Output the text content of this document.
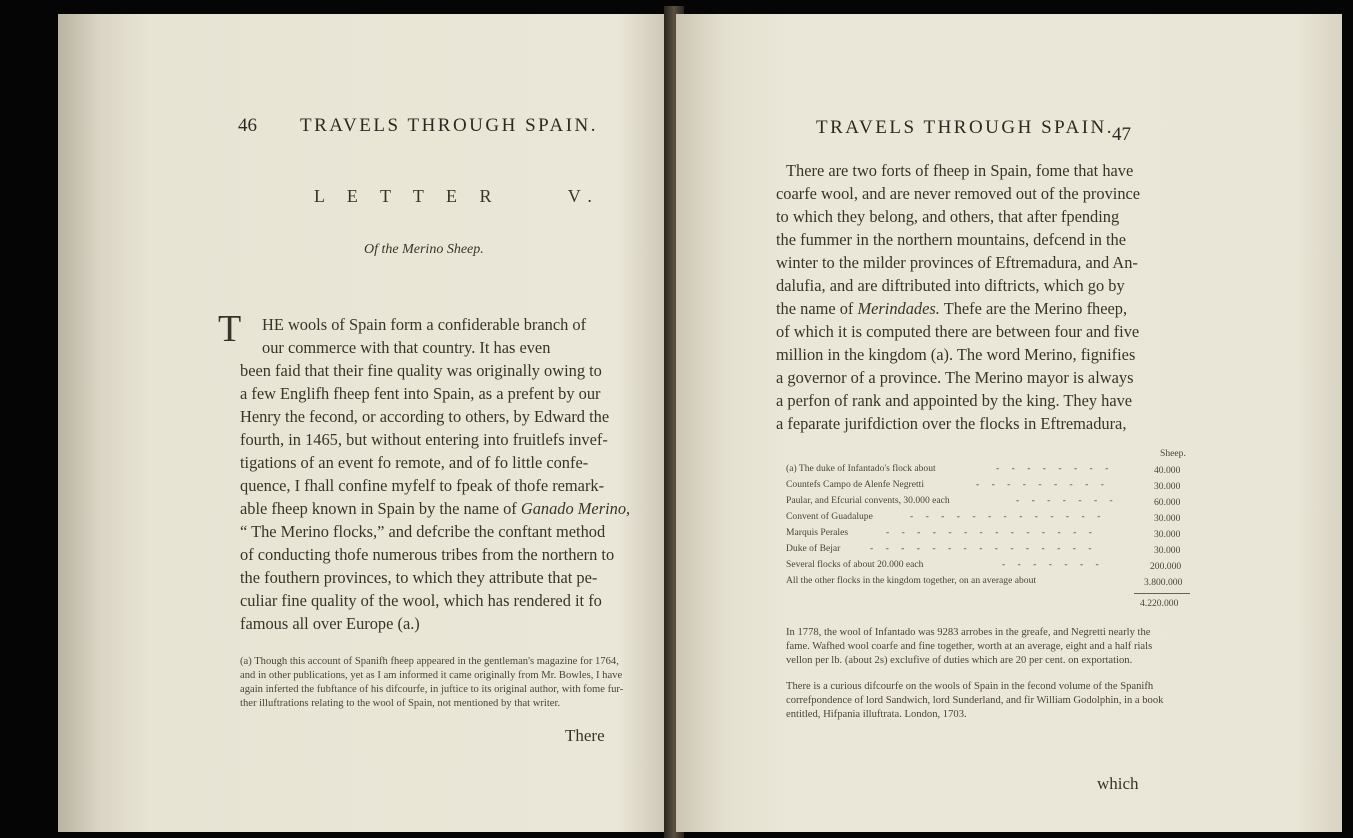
46 TRAVELS THROUGH SPAIN.
L E T T E R     V.
Of the Merino Sheep.
T HE wools of Spain form a confiderable branch of
our commerce with that country. It has even
been faid that their fine quality was originally owing to
a few Englifh fheep fent into Spain, as a prefent by our
Henry the fecond, or according to others, by Edward the
fourth, in 1465, but without entering into fruitlefs invef-
tigations of an event fo remote, and of fo little confe-
quence, I fhall confine myfelf to fpeak of thofe remark-
able fheep known in Spain by the name of Ganado Merino,
“ The Merino flocks,” and defcribe the conftant method
of conducting thofe numerous tribes from the northern to
the fouthern provinces, to which they attribute that pe-
culiar fine quality of the wool, which has rendered it fo
famous all over Europe (a.)
(a) Though this account of Spanifh fheep appeared in the gentleman's magazine for 1764,
and in other publications, yet as I am informed it came originally from Mr. Bowles, I have
again inferted the fubftance of his difcourfe, in juftice to its original author, with fome fur-
ther illuftrations relating to the wool of Spain, not mentioned by that writer.
There
TRAVELS THROUGH SPAIN.
47
There are two forts of fheep in Spain, fome that have
coarfe wool, and are never removed out of the province
to which they belong, and others, that after fpending
the fummer in the northern mountains, defcend in the
winter to the milder provinces of Eftremadura, and An-
dalufia, and are diftributed into diftricts, which go by
the name of Merindades. Thefe are the Merino fheep,
of which it is computed there are between four and five
million in the kingdom (a). The word Merino, fignifies
a governor of a province. The Merino mayor is always
a perfon of rank and appointed by the king. They have
a feparate jurifdiction over the flocks in Eftremadura,
Sheep.
(a) The duke of Infantado's flock about	- - - - - - - -	40.000
Countefs Campo de Alenfe Negretti	- - - - - - - - -	30.000
Paular, and Efcurial convents, 30.000 each	- - - - - - -	60.000
Convent of Guadalupe	- - - - - - - - - - - - -	30.000
Marquis Perales	- - - - - - - - - - - - - -	30.000
Duke of Bejar	- - - - - - - - - - - - - - -	30.000
Several flocks of about 20.000 each	- - - - - - -	200.000
All the other flocks in the kingdom together, on an average about	3.800.000
4.220.000
In 1778, the wool of Infantado was 9283 arrobes in the greafe, and Negretti nearly the
fame. Wafhed wool coarfe and fine together, worth at an average, eight and a half rials
vellon per lb. (about 2s) exclufive of duties which are 20 per cent. on exportation.
There is a curious difcourfe on the wools of Spain in the fecond volume of the Spanifh
correfpondence of lord Sandwich, lord Sunderland, and fir William Godolphin, in a book
entitled, Hifpania illuftrata. London, 1703.
which
